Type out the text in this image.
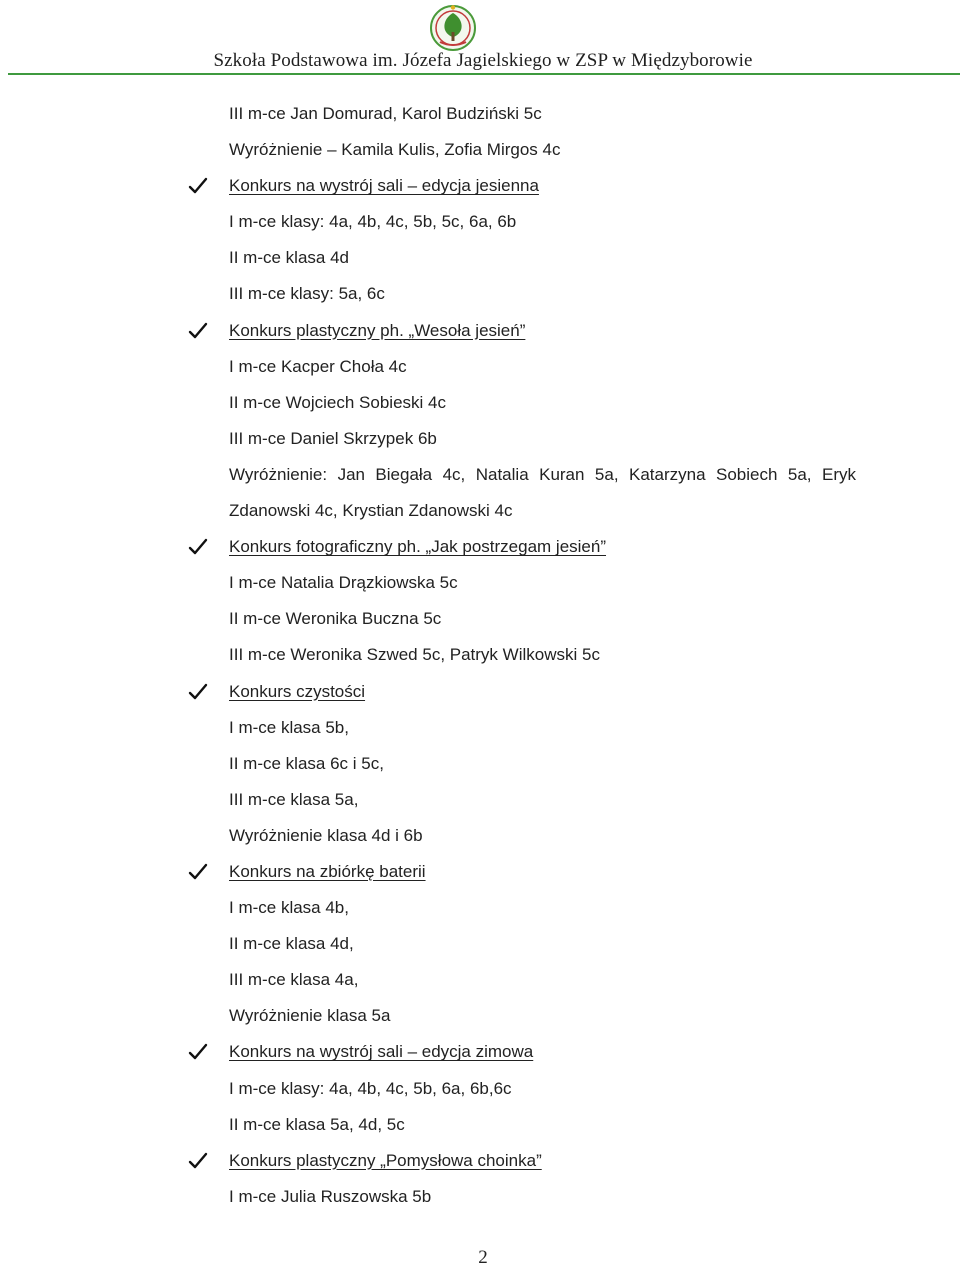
Szkoła Podstawowa im. Józefa Jagielskiego w ZSP w Międzyborowie
III m-ce Jan Domurad, Karol Budziński 5c
Wyróżnienie – Kamila Kulis, Zofia Mirgos 4c
Konkurs na wystrój sali – edycja jesienna
I m-ce klasy: 4a, 4b, 4c, 5b, 5c, 6a, 6b
II m-ce klasa 4d
III m-ce klasy: 5a, 6c
Konkurs plastyczny ph. „Wesoła jesień”
I m-ce Kacper Choła 4c
II m-ce Wojciech Sobieski 4c
III m-ce Daniel Skrzypek 6b
Wyróżnienie: Jan Biegała 4c, Natalia Kuran 5a, Katarzyna Sobiech 5a, Eryk
Zdanowski 4c, Krystian Zdanowski 4c
Konkurs fotograficzny ph. „Jak postrzegam jesień”
I m-ce Natalia Drązkiowska 5c
II m-ce Weronika Buczna 5c
III m-ce Weronika Szwed 5c, Patryk Wilkowski 5c
Konkurs czystości
I m-ce klasa 5b,
II m-ce klasa 6c i 5c,
III m-ce klasa 5a,
Wyróżnienie klasa 4d i 6b
Konkurs na zbiórkę baterii
I m-ce klasa 4b,
II m-ce klasa 4d,
III m-ce klasa 4a,
Wyróżnienie klasa 5a
Konkurs na wystrój sali – edycja zimowa
I m-ce klasy: 4a, 4b, 4c, 5b, 6a, 6b,6c
II m-ce klasa 5a, 4d, 5c
Konkurs plastyczny „Pomysłowa choinka”
I m-ce Julia Ruszowska 5b
2
